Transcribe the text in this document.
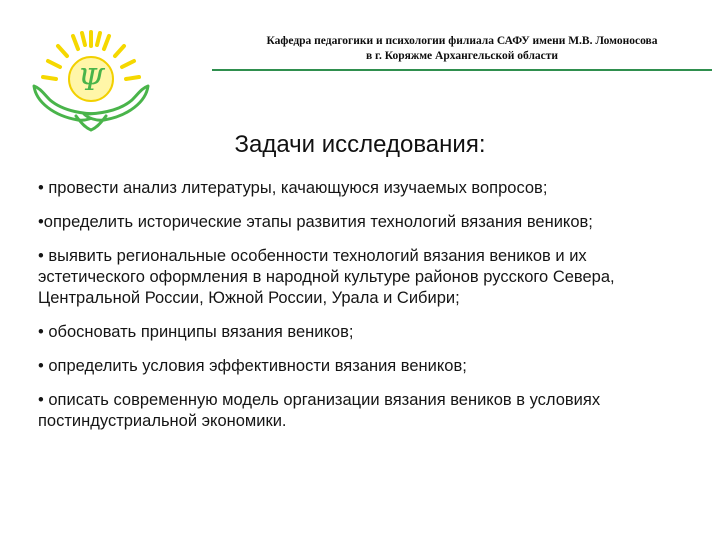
Ψ
Кафедра педагогики и психологии филиала САФУ имени М.В. Ломоносова
в г. Коряжме Архангельской области
Задачи исследования:
• провести анализ литературы, качающуюся изучаемых вопросов;
•определить исторические этапы развития технологий вязания веников;
• выявить региональные особенности технологий вязания веников и их эстетического оформления в народной культуре районов русского Севера, Центральной России, Южной России, Урала и Сибири;
• обосновать принципы вязания веников;
• определить условия эффективности вязания веников;
• описать современную модель организации вязания веников в условиях постиндустриальной экономики.
